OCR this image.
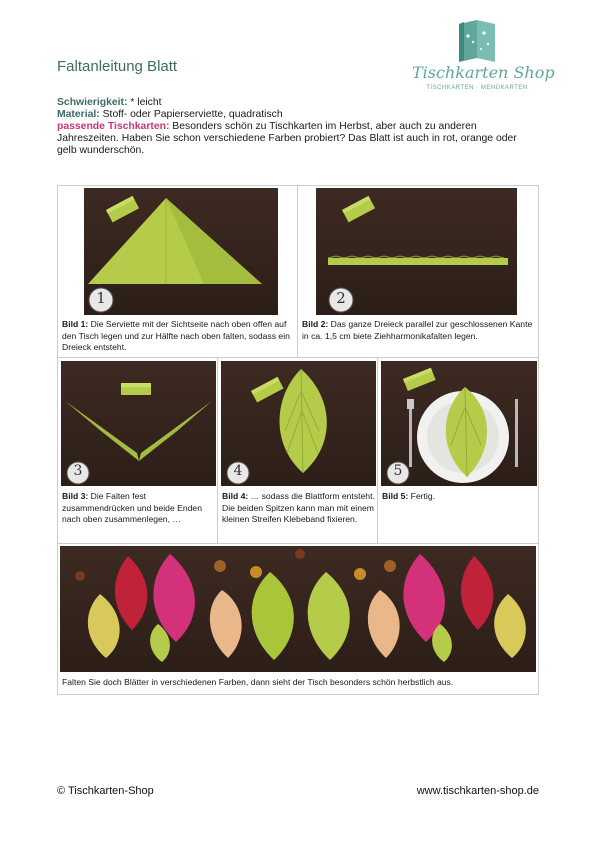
Faltanleitung Blatt	Tischkarten Shop
TISCHKARTEN · MENÜKARTEN
Schwierigkeit: * leicht
Material: Stoff- oder Papierserviette, quadratisch
passende Tischkarten: Besonders schön zu Tischkarten im Herbst, aber auch zu anderen Jahreszeiten. Haben Sie schon verschiedene Farben probiert? Das Blatt ist auch in rot, orange oder gelb wunderschön.
1
Bild 1: Die Serviette mit der Sichtseite nach oben offen auf den Tisch legen und zur Hälfte nach oben falten, sodass ein Dreieck entsteht.
2
Bild 2: Das ganze Dreieck parallel zur geschlossenen Kante in ca. 1,5 cm biete Ziehharmonikafalten legen.
3
Bild 3: Die Falten fest zusammendrücken und beide Enden nach oben zusammenlegen, …
4
Bild 4: … sodass die Blattform entsteht. Die beiden Spitzen kann man mit einem kleinen Streifen Klebeband fixieren.
5
Bild 5: Fertig.
Falten Sie doch Blätter in verschiedenen Farben, dann sieht der Tisch besonders schön herbstlich aus.
© Tischkarten-Shop	www.tischkarten-shop.de
